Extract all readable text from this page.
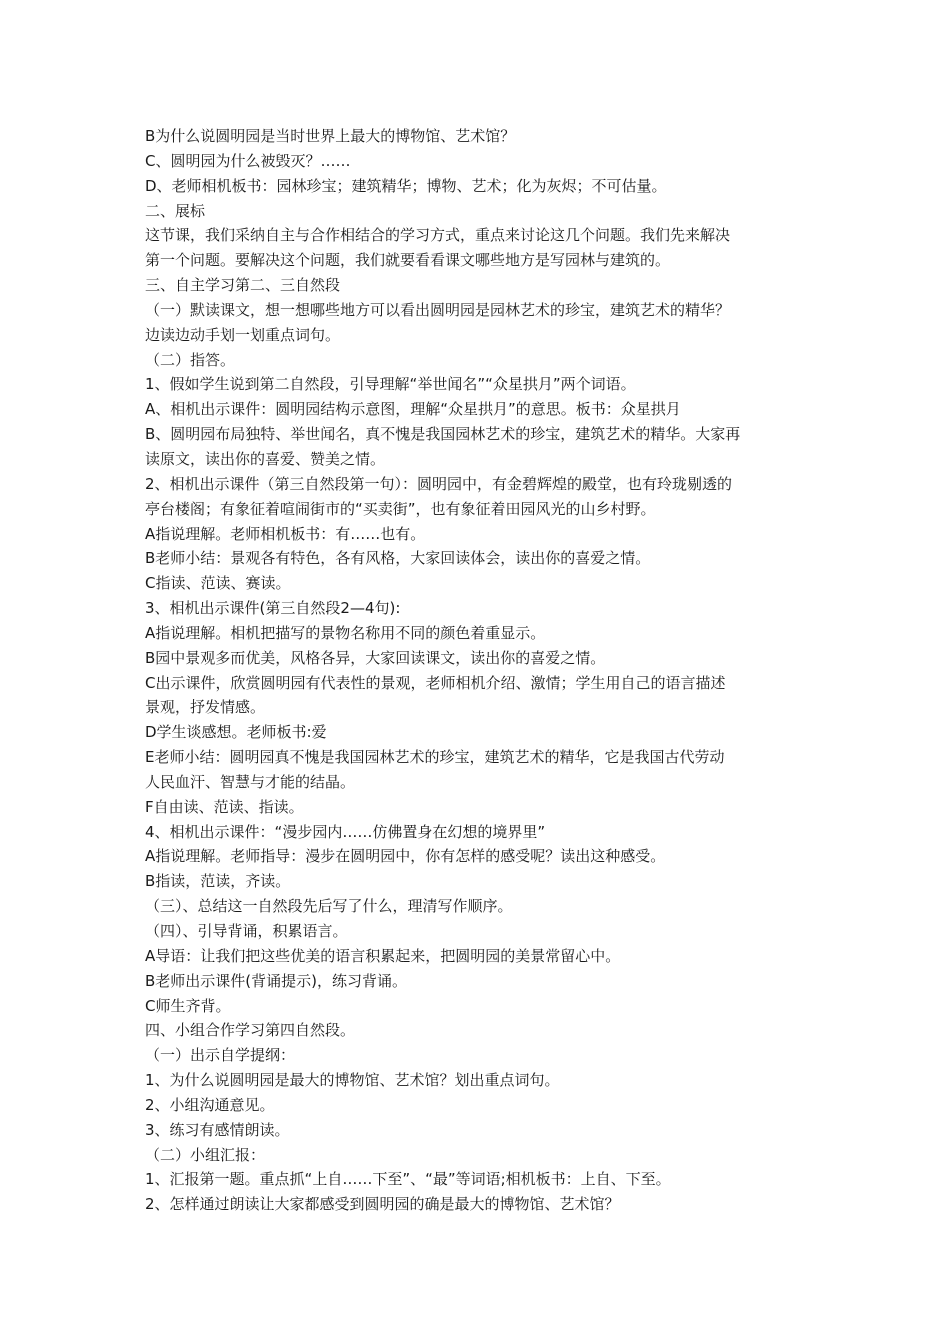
B为什么说圆明园是当时世界上最大的博物馆、艺术馆？
C、圆明园为什么被毁灭？……
D、老师相机板书：园林珍宝；建筑精华；博物、艺术；化为灰烬；不可估量。
二、展标
这节课，我们采纳自主与合作相结合的学习方式，重点来讨论这几个问题。我们先来解决
第一个问题。要解决这个问题，我们就要看看课文哪些地方是写园林与建筑的。
三、自主学习第二、三自然段
（一）默读课文，想一想哪些地方可以看出圆明园是园林艺术的珍宝，建筑艺术的精华？
边读边动手划一划重点词句。
（二）指答。
1、假如学生说到第二自然段，引导理解“举世闻名”“众星拱月”两个词语。
A、相机出示课件：圆明园结构示意图，理解“众星拱月”的意思。板书：众星拱月
B、圆明园布局独特、举世闻名，真不愧是我国园林艺术的珍宝，建筑艺术的精华。大家再
读原文，读出你的喜爱、赞美之情。
2、相机出示课件（第三自然段第一句）：圆明园中，有金碧辉煌的殿堂，也有玲珑剔透的
亭台楼阁；有象征着喧闹街市的“买卖街”，也有象征着田园风光的山乡村野。
A指说理解。老师相机板书：有……也有。
B老师小结：景观各有特色，各有风格，大家回读体会，读出你的喜爱之情。
C指读、范读、赛读。
3、相机出示课件(第三自然段2—4句):
A指说理解。相机把描写的景物名称用不同的颜色着重显示。
B园中景观多而优美，风格各异，大家回读课文，读出你的喜爱之情。
C出示课件，欣赏圆明园有代表性的景观，老师相机介绍、激情；学生用自己的语言描述
景观，抒发情感。
D学生谈感想。老师板书:爱
E老师小结：圆明园真不愧是我国园林艺术的珍宝，建筑艺术的精华，它是我国古代劳动
人民血汗、智慧与才能的结晶。
F自由读、范读、指读。
4、相机出示课件：“漫步园内……仿佛置身在幻想的境界里”
A指说理解。老师指导：漫步在圆明园中，你有怎样的感受呢？读出这种感受。
B指读，范读，齐读。
（三）、总结这一自然段先后写了什么，理清写作顺序。
（四）、引导背诵，积累语言。
A导语：让我们把这些优美的语言积累起来，把圆明园的美景常留心中。
B老师出示课件(背诵提示)，练习背诵。
C师生齐背。
四、小组合作学习第四自然段。
（一）出示自学提纲：
1、为什么说圆明园是最大的博物馆、艺术馆？划出重点词句。
2、小组沟通意见。
3、练习有感情朗读。
（二）小组汇报：
1、汇报第一题。重点抓“上自……下至”、“最”等词语;相机板书：上自、下至。
2、怎样通过朗读让大家都感受到圆明园的确是最大的博物馆、艺术馆？
